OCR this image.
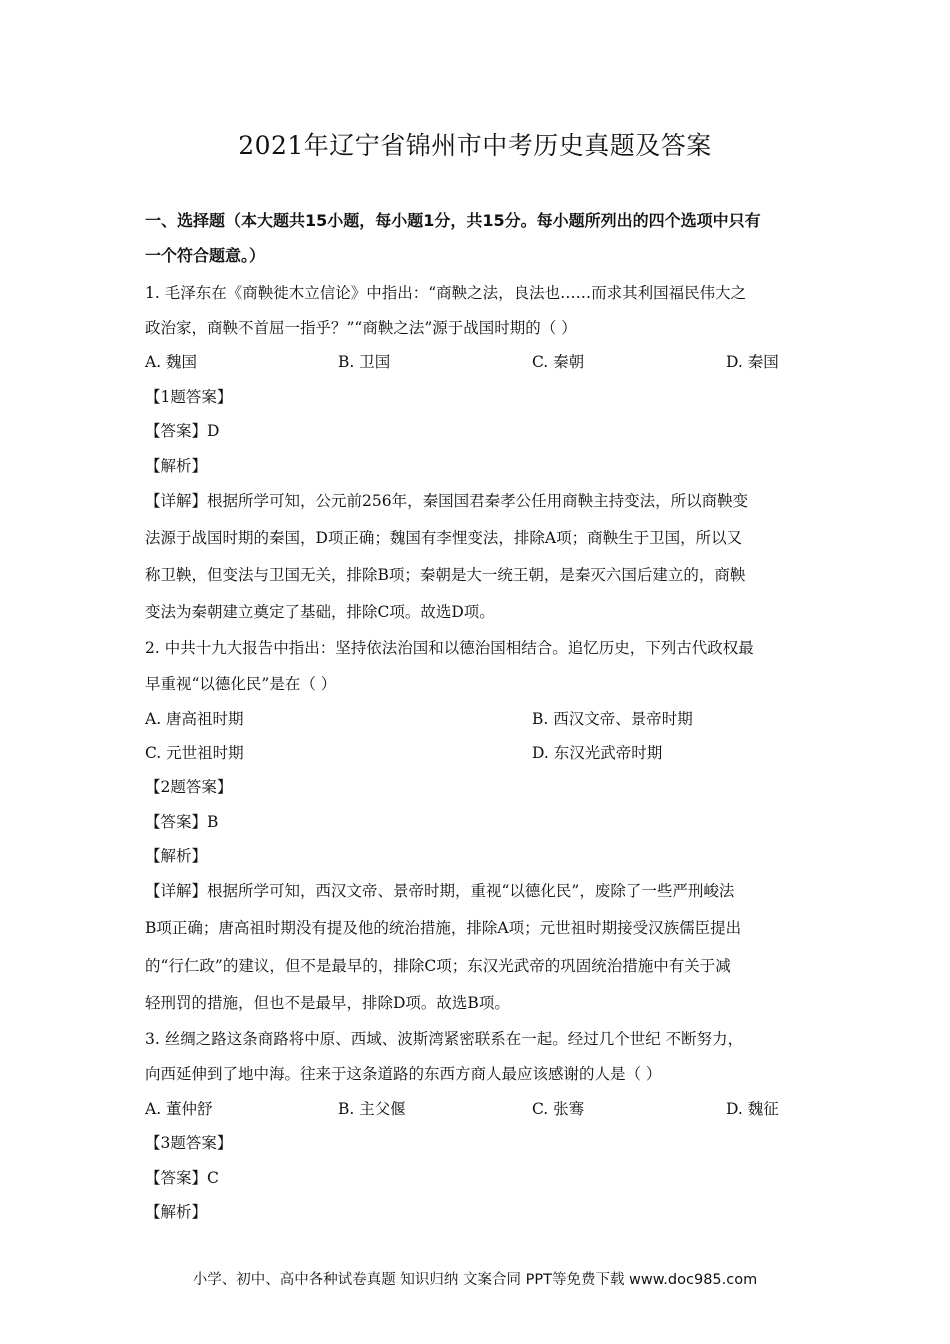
2021年辽宁省锦州市中考历史真题及答案
一、选择题（本大题共15小题，每小题1分，共15分。每小题所列出的四个选项中只有
一个符合题意。）
1. 毛泽东在《商鞅徙木立信论》中指出：“商鞅之法，良法也……而求其利国福民伟大之
政治家，商鞅不首屈一指乎？”“商鞅之法”源于战国时期的（ ）
A. 魏国	B. 卫国	C. 秦朝	D. 秦国
【1题答案】
【答案】D
【解析】
【详解】根据所学可知，公元前256年，秦国国君秦孝公任用商鞅主持变法，所以商鞅变
法源于战国时期的秦国，D项正确；魏国有李悝变法，排除A项；商鞅生于卫国，所以又
称卫鞅，但变法与卫国无关，排除B项；秦朝是大一统王朝，是秦灭六国后建立的，商鞅
变法为秦朝建立奠定了基础，排除C项。故选D项。
2. 中共十九大报告中指出：坚持依法治国和以德治国相结合。追忆历史，下列古代政权最
早重视“以德化民”是在（ ）
A. 唐高祖时期	B. 西汉文帝、景帝时期
C. 元世祖时期	D. 东汉光武帝时期
【2题答案】
【答案】B
【解析】
【详解】根据所学可知，西汉文帝、景帝时期，重视“以德化民”，废除了一些严刑峻法
B项正确；唐高祖时期没有提及他的统治措施，排除A项；元世祖时期接受汉族儒臣提出
的“行仁政”的建议，但不是最早的，排除C项；东汉光武帝的巩固统治措施中有关于减
轻刑罚的措施，但也不是最早，排除D项。故选B项。
3. 丝绸之路这条商路将中原、西域、波斯湾紧密联系在一起。经过几个世纪 不断努力，
向西延伸到了地中海。往来于这条道路的东西方商人最应该感谢的人是（ ）
A. 董仲舒	B. 主父偃	C. 张骞	D. 魏征
【3题答案】
【答案】C
【解析】
小学、初中、高中各种试卷真题 知识归纳 文案合同 PPT等免费下载 www.doc985.com
